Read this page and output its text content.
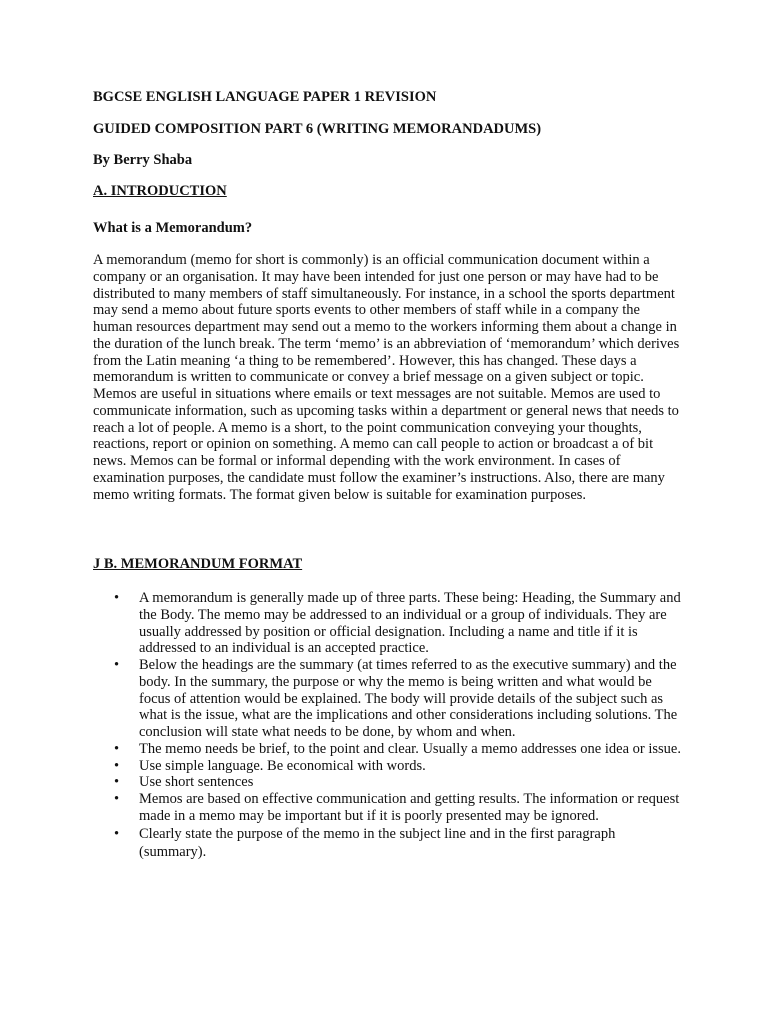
BGCSE ENGLISH LANGUAGE PAPER 1 REVISION
GUIDED COMPOSITION PART 6 (WRITING MEMORANDADUMS)
By Berry Shaba
A. INTRODUCTION
What is a Memorandum?

A memorandum (memo for short is commonly) is an official communication document within a company or an organisation. It may have been intended for just one person or may have had to be distributed to many members of staff simultaneously. For instance, in a school the sports department may send a memo about future sports events to other members of staff while in a company the human resources department may send out a memo to the workers informing them about a change in the duration of the lunch break. The term ‘memo’ is an abbreviation of ‘memorandum’ which derives from the Latin meaning ‘a thing to be remembered’. However, this has changed. These days a memorandum is written to communicate or convey a brief message on a given subject or topic. Memos are useful in situations where emails or text messages are not suitable. Memos are used to communicate information, such as upcoming tasks within a department or general news that needs to reach a lot of people. A memo is a short, to the point communication conveying your thoughts, reactions, report or opinion on something. A memo can call people to action or broadcast a of bit news. Memos can be formal or informal depending with the work environment. In cases of examination purposes, the candidate must follow the examiner’s instructions. Also, there are many memo writing formats. The format given below is suitable for examination purposes.

J B. MEMORANDUM FORMAT
• A memorandum is generally made up of three parts. These being: Heading, the Summary and the Body. The memo may be addressed to an individual or a group of individuals. They are usually addressed by position or official designation. Including a name and title if it is addressed to an individual is an accepted practice.
• Below the headings are the summary (at times referred to as the executive summary) and the body. In the summary, the purpose or why the memo is being written and what would be focus of attention would be explained. The body will provide details of the subject such as what is the issue, what are the implications and other considerations including solutions. The conclusion will state what needs to be done, by whom and when.
• The memo needs be brief, to the point and clear. Usually a memo addresses one idea or issue.
• Use simple language. Be economical with words.
• Use short sentences
• Memos are based on effective communication and getting results. The information or request made in a memo may be important but if it is poorly presented may be ignored.
• Clearly state the purpose of the memo in the subject line and in the first paragraph (summary).
